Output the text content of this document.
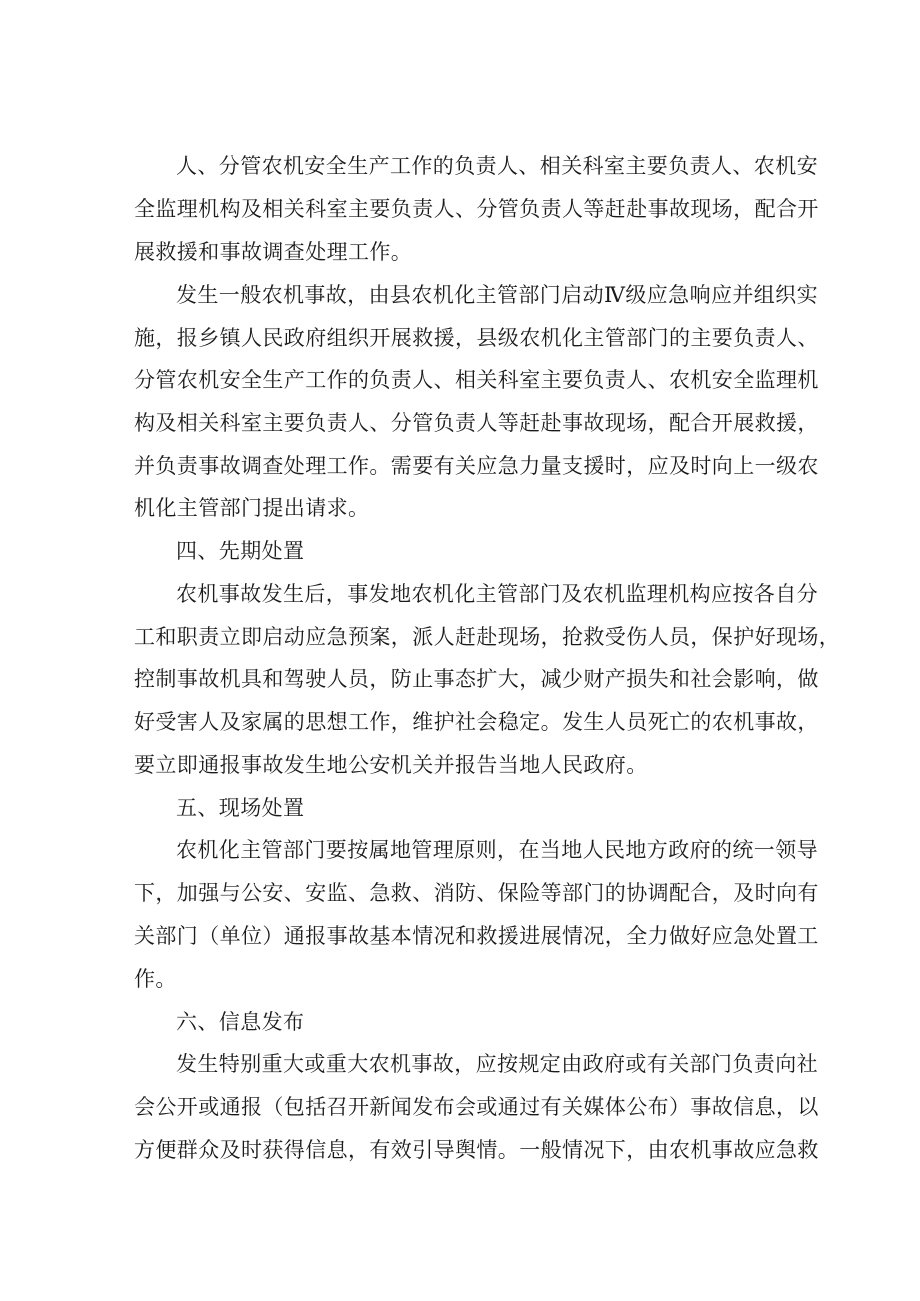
人、分管农机安全生产工作的负责人、相关科室主要负责人、农机安
全监理机构及相关科室主要负责人、分管负责人等赶赴事故现场，配合开
展救援和事故调查处理工作。
发生一般农机事故，由县农机化主管部门启动Ⅳ级应急响应并组织实
施，报乡镇人民政府组织开展救援，县级农机化主管部门的主要负责人、
分管农机安全生产工作的负责人、相关科室主要负责人、农机安全监理机
构及相关科室主要负责人、分管负责人等赶赴事故现场，配合开展救援，
并负责事故调查处理工作。需要有关应急力量支援时，应及时向上一级农
机化主管部门提出请求。
四、先期处置
农机事故发生后，事发地农机化主管部门及农机监理机构应按各自分
工和职责立即启动应急预案，派人赶赴现场，抢救受伤人员，保护好现场，
控制事故机具和驾驶人员，防止事态扩大，减少财产损失和社会影响，做
好受害人及家属的思想工作，维护社会稳定。发生人员死亡的农机事故，
要立即通报事故发生地公安机关并报告当地人民政府。
五、现场处置
农机化主管部门要按属地管理原则，在当地人民地方政府的统一领导
下，加强与公安、安监、急救、消防、保险等部门的协调配合，及时向有
关部门（单位）通报事故基本情况和救援进展情况，全力做好应急处置工
作。
六、信息发布
发生特别重大或重大农机事故，应按规定由政府或有关部门负责向社
会公开或通报（包括召开新闻发布会或通过有关媒体公布）事故信息，以
方便群众及时获得信息，有效引导舆情。一般情况下，由农机事故应急救
